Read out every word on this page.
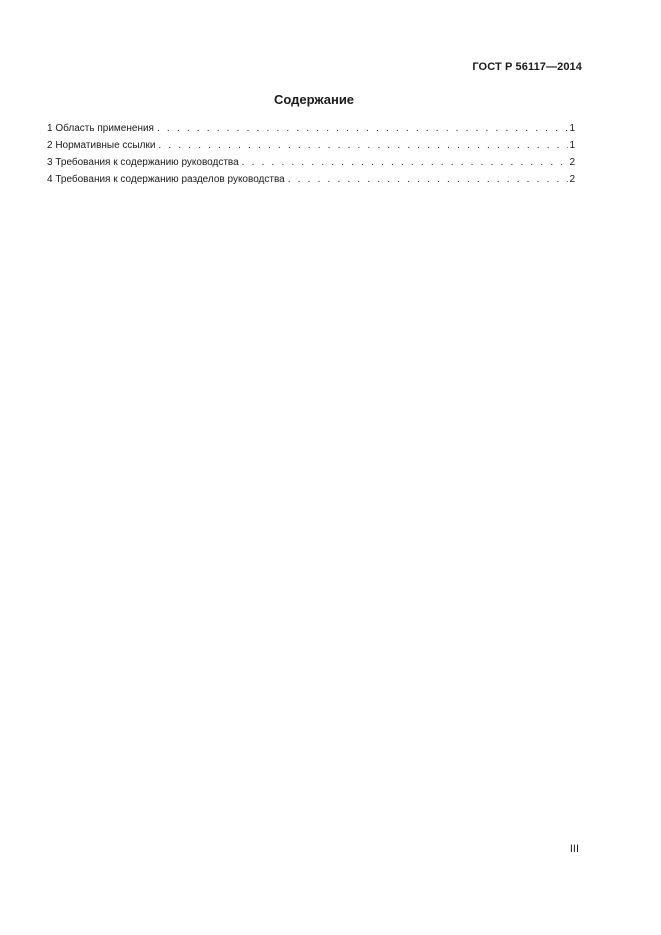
ГОСТ Р 56117—2014
Содержание
1 Область применения . . .	1
2 Нормативные ссылки . . .	1
3 Требования к содержанию руководства . . .	2
4 Требования к содержанию разделов руководства . . .	2
III
